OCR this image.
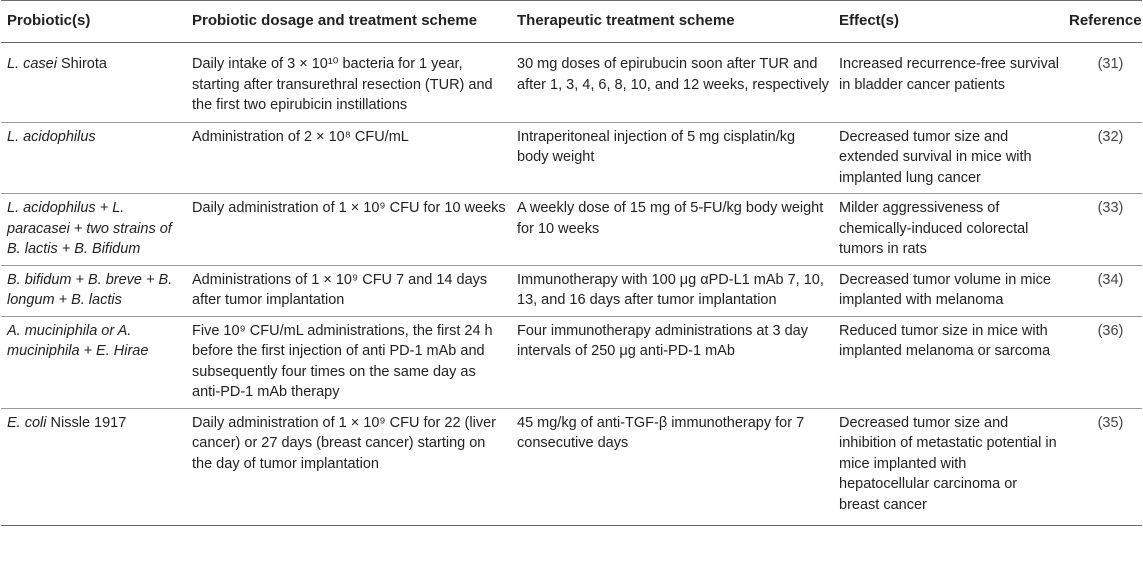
Probiotic(s)	Probiotic dosage and treatment scheme	Therapeutic treatment scheme	Effect(s)	Reference
L. casei Shirota	Daily intake of 3 × 10¹⁰ bacteria for 1 year, starting after transurethral resection (TUR) and the first two epirubicin instillations	30 mg doses of epirubucin soon after TUR and after 1, 3, 4, 6, 8, 10, and 12 weeks, respectively	Increased recurrence-free survival in bladder cancer patients	(31)
L. acidophilus	Administration of 2 × 10⁸ CFU/mL	Intraperitoneal injection of 5 mg cisplatin/kg body weight	Decreased tumor size and extended survival in mice with implanted lung cancer	(32)
L. acidophilus + L. paracasei + two strains of B. lactis + B. Bifidum	Daily administration of 1 × 10⁹ CFU for 10 weeks	A weekly dose of 15 mg of 5-FU/kg body weight for 10 weeks	Milder aggressiveness of chemically-induced colorectal tumors in rats	(33)
B. bifidum + B. breve + B. longum + B. lactis	Administrations of 1 × 10⁹ CFU 7 and 14 days after tumor implantation	Immunotherapy with 100 μg αPD-L1 mAb 7, 10, 13, and 16 days after tumor implantation	Decreased tumor volume in mice implanted with melanoma	(34)
A. muciniphila or A. muciniphila + E. Hirae	Five 10⁹ CFU/mL administrations, the first 24 h before the first injection of anti PD-1 mAb and subsequently four times on the same day as anti-PD-1 mAb therapy	Four immunotherapy administrations at 3 day intervals of 250 μg anti-PD-1 mAb	Reduced tumor size in mice with implanted melanoma or sarcoma	(36)
E. coli Nissle 1917	Daily administration of 1 × 10⁹ CFU for 22 (liver cancer) or 27 days (breast cancer) starting on the day of tumor implantation	45 mg/kg of anti-TGF-β immunotherapy for 7 consecutive days	Decreased tumor size and inhibition of metastatic potential in mice implanted with hepatocellular carcinoma or breast cancer	(35)
